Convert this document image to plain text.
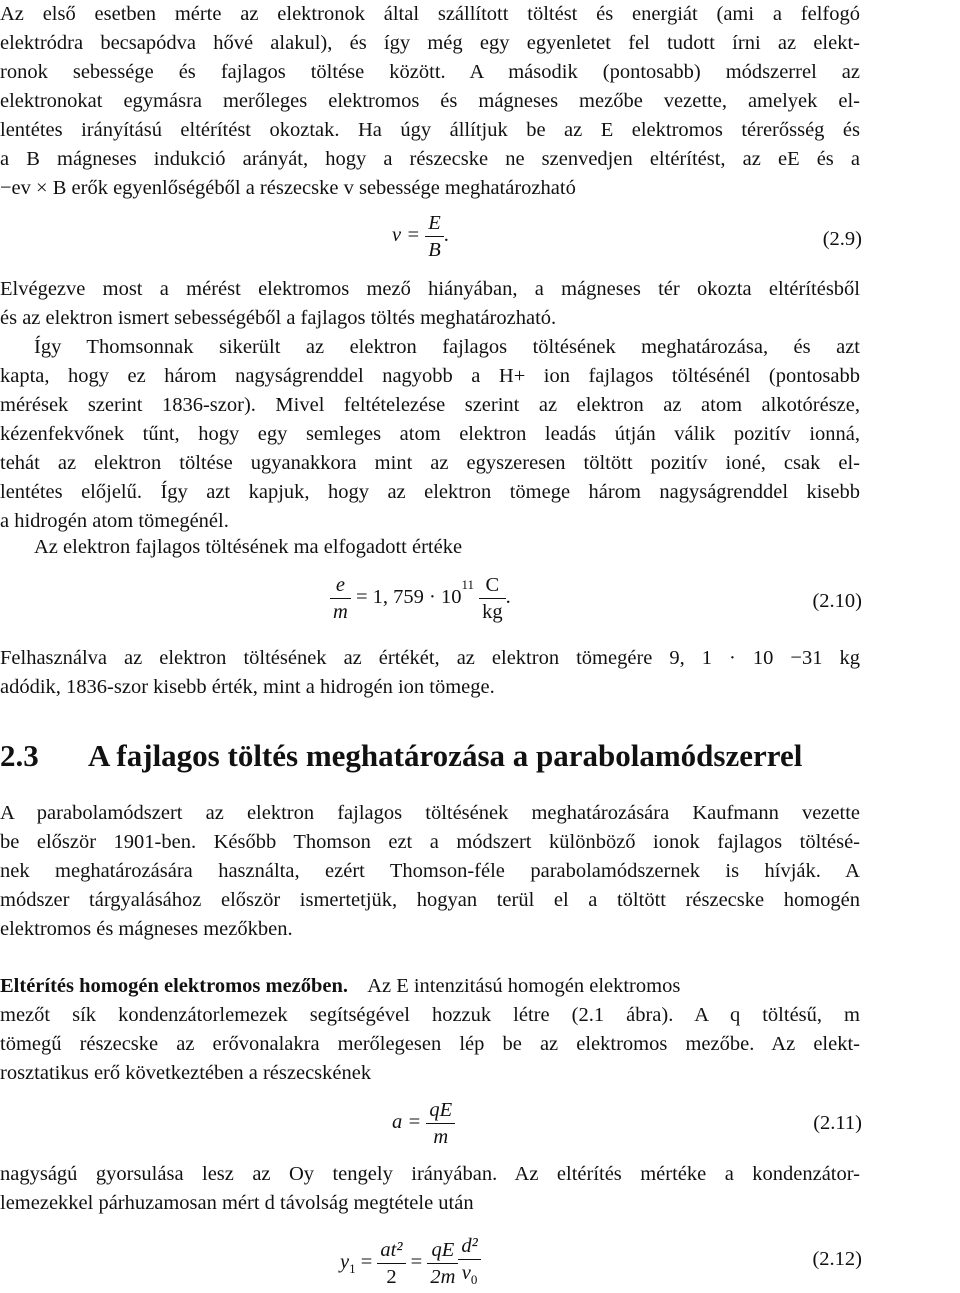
Az első esetben mérte az elektronok által szállított töltést és energiát (ami a felfogó
elektródra becsapódva hővé alakul), és így még egy egyenletet fel tudott írni az elekt-
ronok sebessége és fajlagos töltése között. A második (pontosabb) módszerrel az
elektronokat egymásra merőleges elektromos és mágneses mezőbe vezette, amelyek el-
lentétes irányítású eltérítést okoztak. Ha úgy állítjuk be az E elektromos térerősség és
a B mágneses indukció arányát, hogy a részecske ne szenvedjen eltérítést, az eE és a
−ev × B erők egyenlőségéből a részecske v sebessége meghatározható
$v = \frac{E}{B}$ .	(2.9)
Elvégezve most a mérést elektromos mező hiányában, a mágneses tér okozta eltérítésből
és az elektron ismert sebességéből a fajlagos töltés meghatározható.
Így Thomsonnak sikerült az elektron fajlagos töltésének meghatározása, és azt
kapta, hogy ez három nagyságrenddel nagyobb a H+ ion fajlagos töltésénél (pontosabb
mérések szerint 1836-szor). Mivel feltételezése szerint az elektron az atom alkotórésze,
kézenfekvőnek tűnt, hogy egy semleges atom elektron leadás útján válik pozitív ionná,
tehát az elektron töltése ugyanakkora mint az egyszeresen töltött pozitív ioné, csak el-
lentétes előjelű. Így azt kapjuk, hogy az elektron tömege három nagyságrenddel kisebb
a hidrogén atom tömegénél.
Az elektron fajlagos töltésének ma elfogadott értéke
$\frac{e}{m} = 1$, $759 \cdot 10^{11} \frac{C}{kg}$ .	(2.10)
Felhasználva az elektron töltésének az értékét, az elektron tömegére 9, 1 · 10 −31 kg
adódik, 1836-szor kisebb érték, mint a hidrogén ion tömege.
2.3 A fajlagos töltés meghatározása a parabolamódszerrel
A parabolamódszert az elektron fajlagos töltésének meghatározására Kaufmann vezette
be először 1901-ben. Később Thomson ezt a módszert különböző ionok fajlagos töltésé-
nek meghatározására használta, ezért Thomson-féle parabolamódszernek is hívják. A
módszer tárgyalásához először ismertetjük, hogyan terül el a töltött részecske homogén
elektromos és mágneses mezőkben.
Eltérítés homogén elektromos mezőben. Az E intenzitású homogén elektromos
mezőt sík kondenzátorlemezek segítségével hozzuk létre (2.1 ábra). A q töltésű, m
tömegű részecske az erővonalakra merőlegesen lép be az elektromos mezőbe. Az elekt-
rosztatikus erő következtében a részecskének
$a = \frac{qE}{m}$	(2.11)
nagyságú gyorsulása lesz az Oy tengely irányában. Az eltérítés mértéke a kondenzátor-
lemezekkel párhuzamosan mért d távolság megtétele után
$y_1 = \frac{\text{at²}}{2} = \frac{qE}{2m} \frac{\text{d²}}{v_0}$	(2.12)
